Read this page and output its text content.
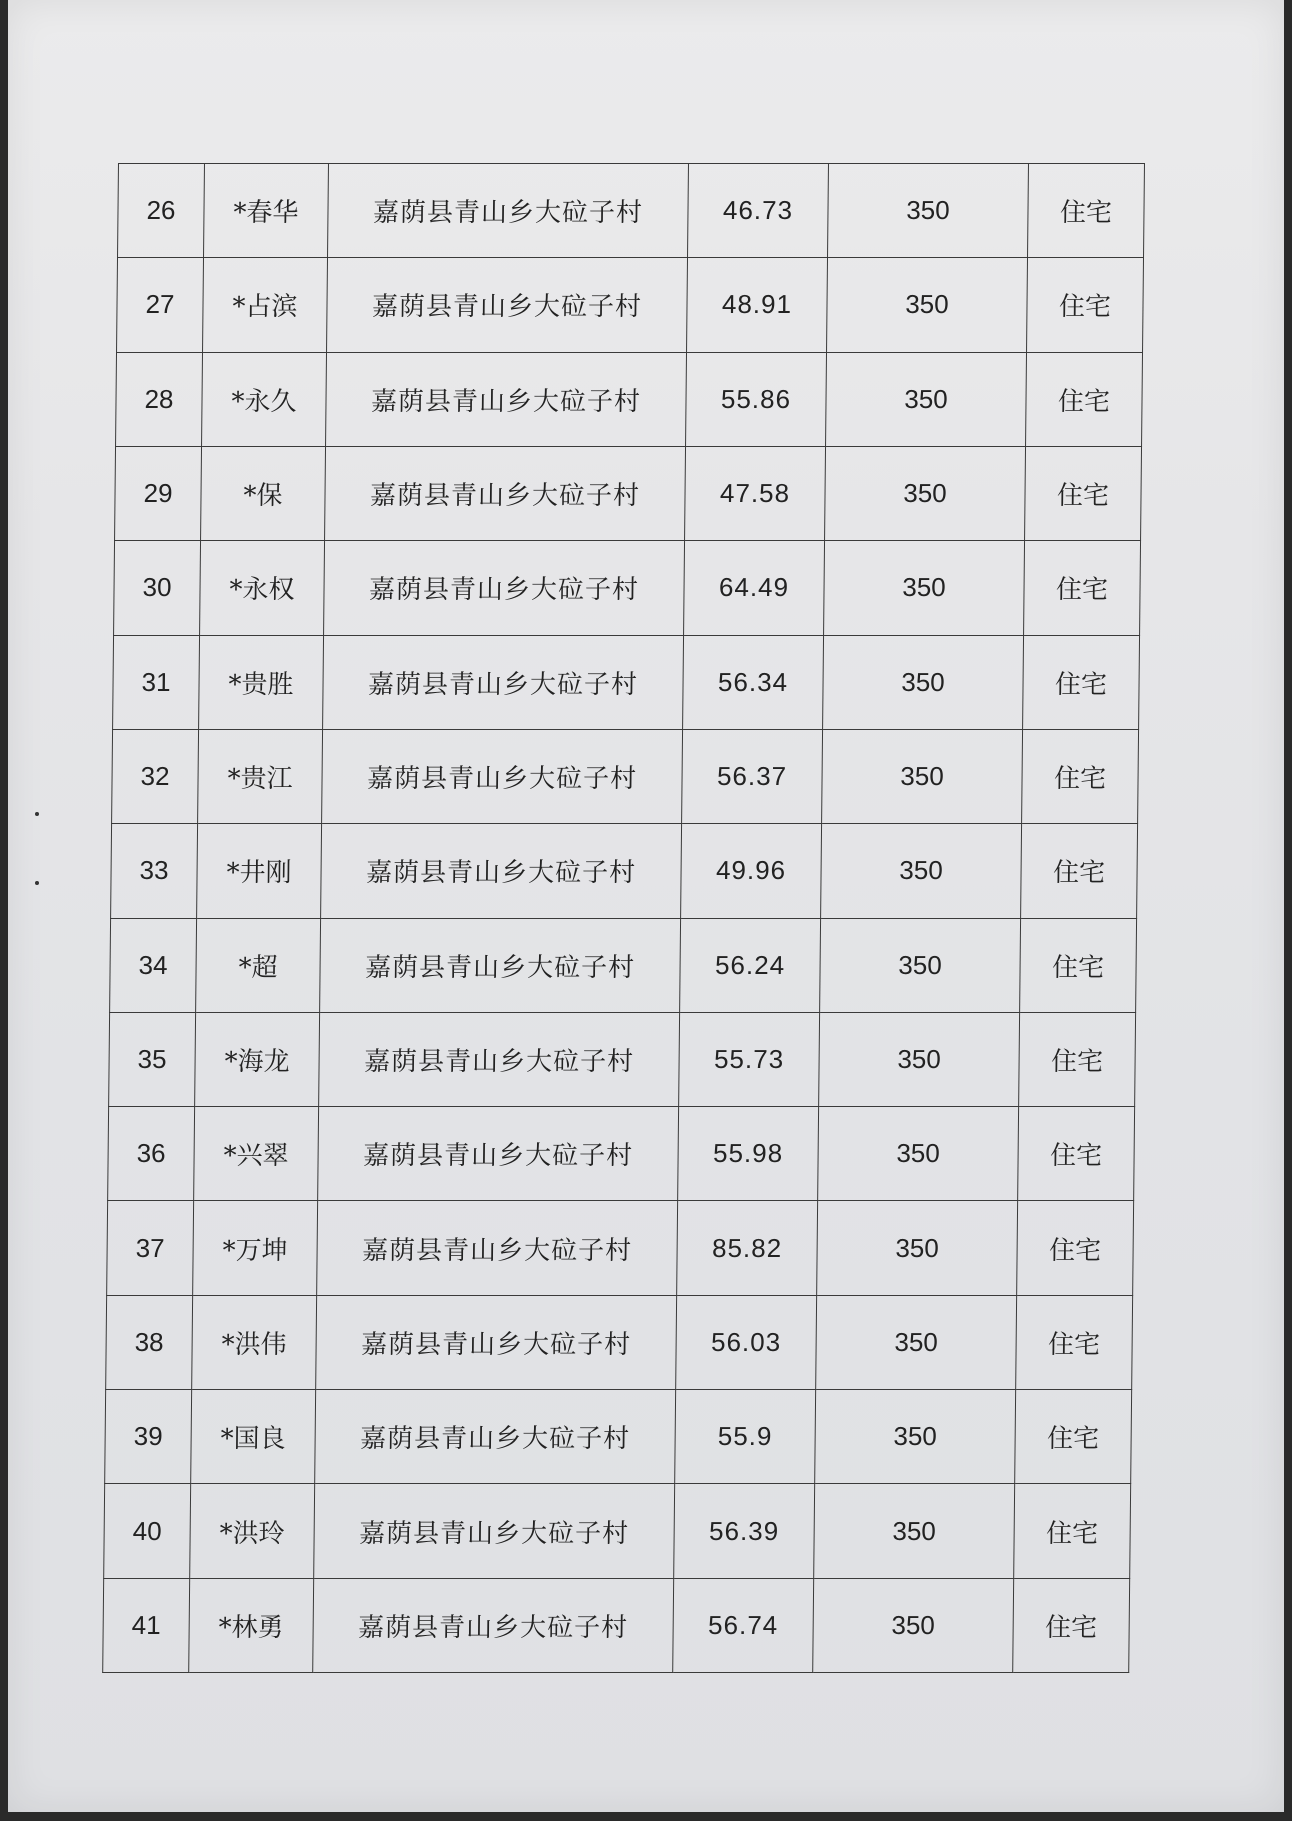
26	*春华	嘉荫县青山乡大砬子村	46.73	350	住宅
27	*占滨	嘉荫县青山乡大砬子村	48.91	350	住宅
28	*永久	嘉荫县青山乡大砬子村	55.86	350	住宅
29	*保	嘉荫县青山乡大砬子村	47.58	350	住宅
30	*永权	嘉荫县青山乡大砬子村	64.49	350	住宅
31	*贵胜	嘉荫县青山乡大砬子村	56.34	350	住宅
32	*贵江	嘉荫县青山乡大砬子村	56.37	350	住宅
33	*井刚	嘉荫县青山乡大砬子村	49.96	350	住宅
34	*超	嘉荫县青山乡大砬子村	56.24	350	住宅
35	*海龙	嘉荫县青山乡大砬子村	55.73	350	住宅
36	*兴翠	嘉荫县青山乡大砬子村	55.98	350	住宅
37	*万坤	嘉荫县青山乡大砬子村	85.82	350	住宅
38	*洪伟	嘉荫县青山乡大砬子村	56.03	350	住宅
39	*国良	嘉荫县青山乡大砬子村	55.9	350	住宅
40	*洪玲	嘉荫县青山乡大砬子村	56.39	350	住宅
41	*林勇	嘉荫县青山乡大砬子村	56.74	350	住宅
